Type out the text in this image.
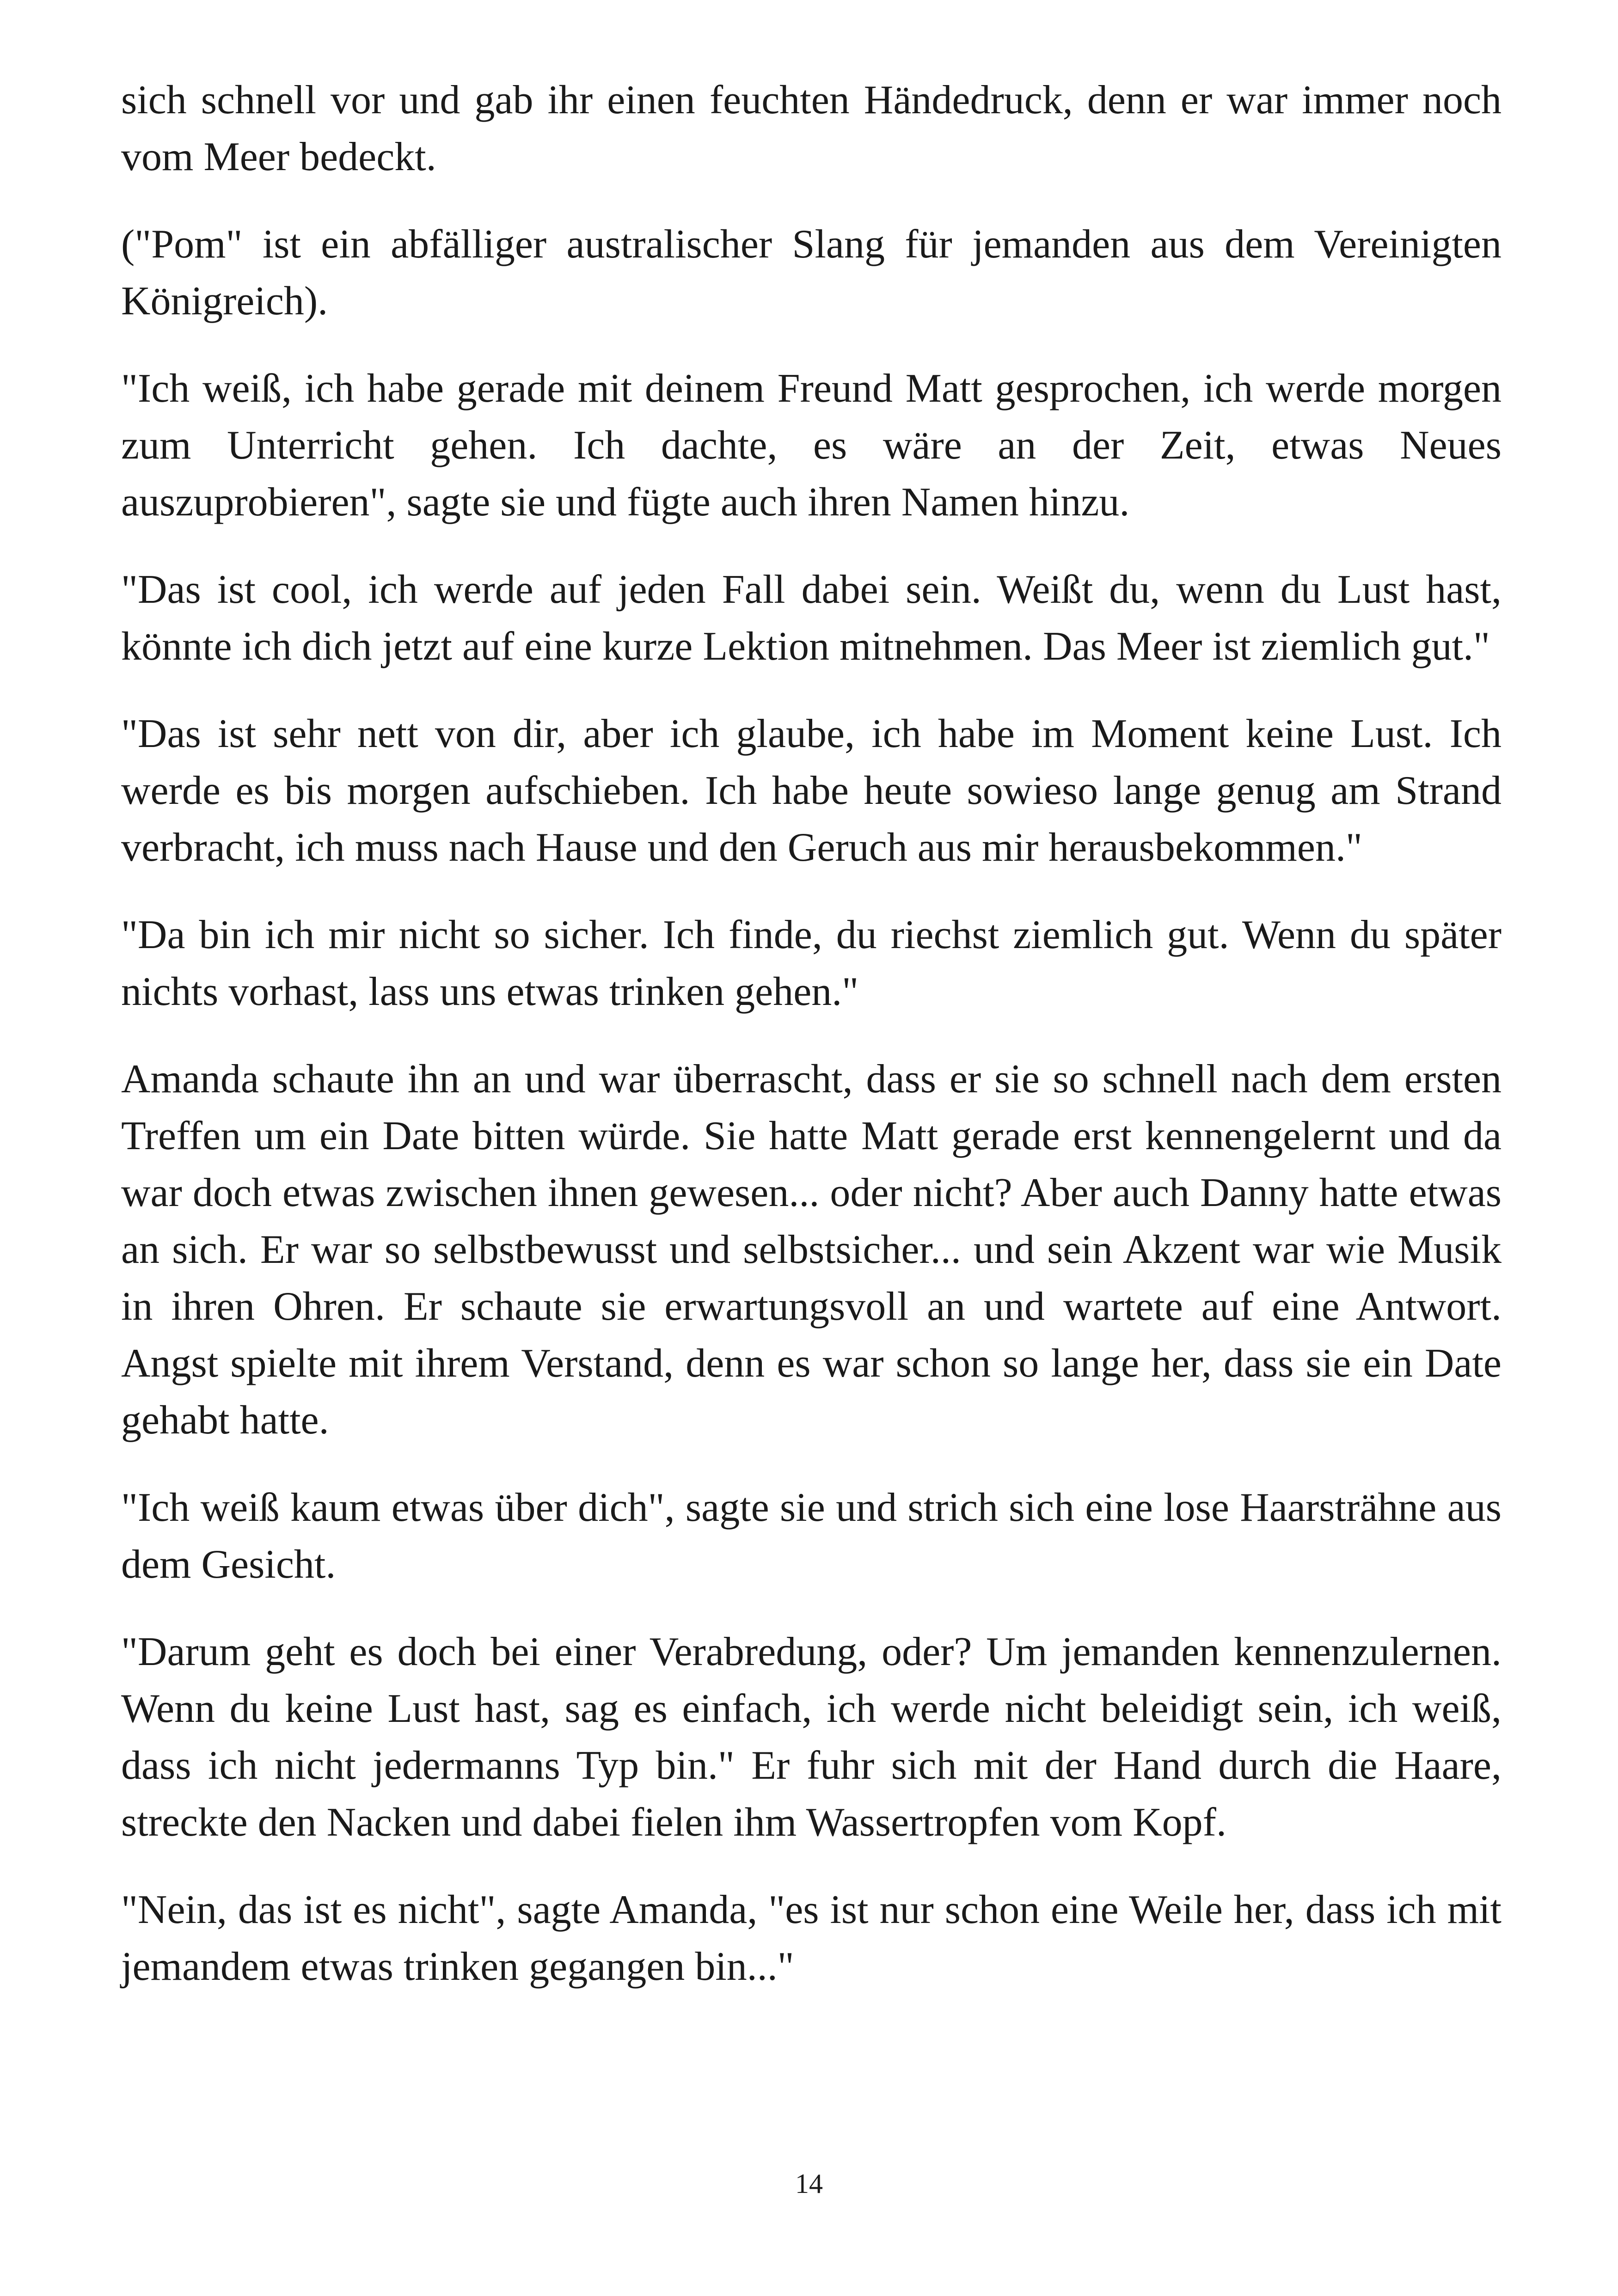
sich schnell vor und gab ihr einen feuchten Händedruck, denn er war immer noch vom Meer bedeckt.

("Pom" ist ein abfälliger australischer Slang für jemanden aus dem Vereinigten Königreich).

"Ich weiß, ich habe gerade mit deinem Freund Matt gesprochen, ich werde morgen zum Unterricht gehen. Ich dachte, es wäre an der Zeit, etwas Neues auszuprobieren", sagte sie und fügte auch ihren Namen hinzu.

"Das ist cool, ich werde auf jeden Fall dabei sein. Weißt du, wenn du Lust hast, könnte ich dich jetzt auf eine kurze Lektion mitnehmen. Das Meer ist ziemlich gut."

"Das ist sehr nett von dir, aber ich glaube, ich habe im Moment keine Lust. Ich werde es bis morgen aufschieben. Ich habe heute sowieso lange genug am Strand verbracht, ich muss nach Hause und den Geruch aus mir herausbekommen."

"Da bin ich mir nicht so sicher. Ich finde, du riechst ziemlich gut. Wenn du später nichts vorhast, lass uns etwas trinken gehen."

Amanda schaute ihn an und war überrascht, dass er sie so schnell nach dem ersten Treffen um ein Date bitten würde. Sie hatte Matt gerade erst kennengelernt und da war doch etwas zwischen ihnen gewesen... oder nicht? Aber auch Danny hatte etwas an sich. Er war so selbstbewusst und selbstsicher... und sein Akzent war wie Musik in ihren Ohren. Er schaute sie erwartungsvoll an und wartete auf eine Antwort. Angst spielte mit ihrem Verstand, denn es war schon so lange her, dass sie ein Date gehabt hatte.

"Ich weiß kaum etwas über dich", sagte sie und strich sich eine lose Haarsträhne aus dem Gesicht.

"Darum geht es doch bei einer Verabredung, oder? Um jemanden kennenzulernen. Wenn du keine Lust hast, sag es einfach, ich werde nicht beleidigt sein, ich weiß, dass ich nicht jedermanns Typ bin." Er fuhr sich mit der Hand durch die Haare, streckte den Nacken und dabei fielen ihm Wassertropfen vom Kopf.

"Nein, das ist es nicht", sagte Amanda, "es ist nur schon eine Weile her, dass ich mit jemandem etwas trinken gegangen bin..."

14
